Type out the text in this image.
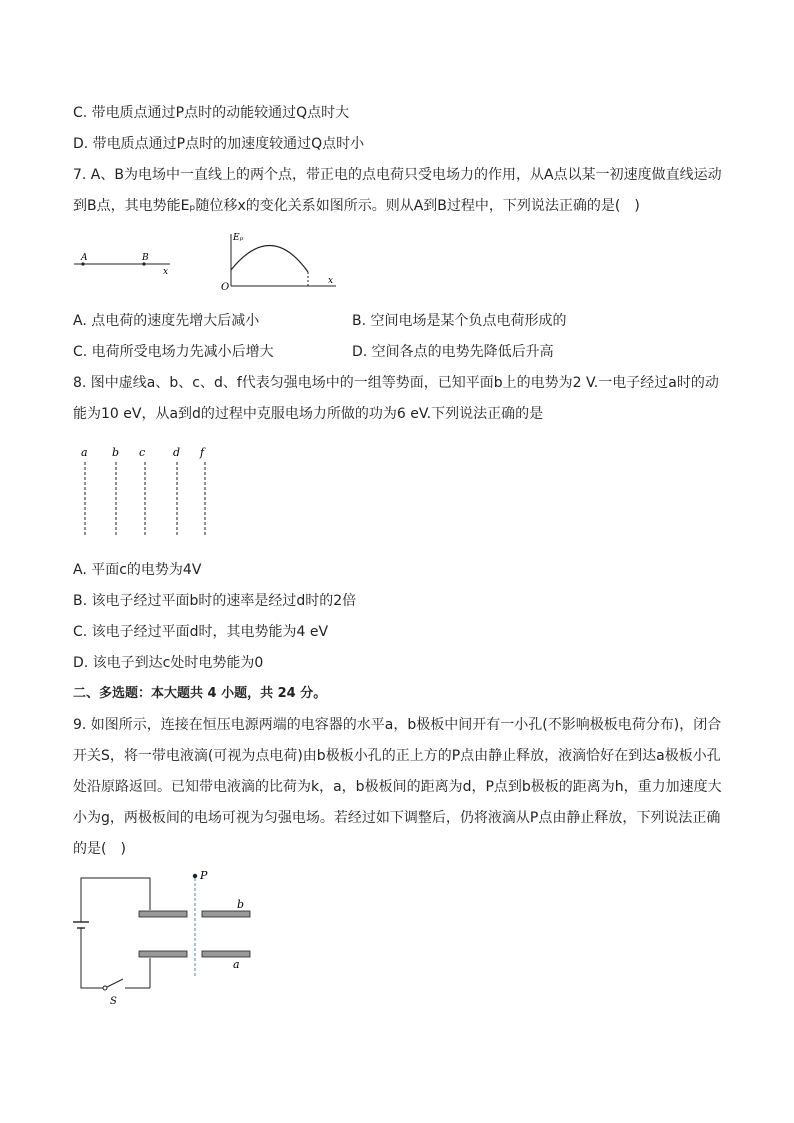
C. 带电质点通过P点时的动能较通过Q点时大
D. 带电质点通过P点时的加速度较通过Q点时小
7. A、B为电场中一直线上的两个点，带正电的点电荷只受电场力的作用，从A点以某一初速度做直线运动
到B点，其电势能Eₚ随位移x的变化关系如图所示。则从A到B过程中，下列说法正确的是(　)
A	B
x
Eₚ
O
x
A. 点电荷的速度先增大后减小	B. 空间电场是某个负点电荷形成的
C. 电荷所受电场力先减小后增大	D. 空间各点的电势先降低后升高
8. 图中虚线a、b、c、d、f代表匀强电场中的一组等势面，已知平面b上的电势为2 V.一电子经过a时的动
能为10 eV，从a到d的过程中克服电场力所做的功为6 eV.下列说法正确的是
a b c	d f
A. 平面c的电势为4V
B. 该电子经过平面b时的速率是经过d时的2倍
C. 该电子经过平面d时，其电势能为4 eV
D. 该电子到达c处时电势能为0
二、多选题：本大题共 4 小题，共 24 分。
9. 如图所示，连接在恒压电源两端的电容器的水平a，b极板中间开有一小孔(不影响极板电荷分布)，闭合
开关S，将一带电液滴(可视为点电荷)由b极板小孔的正上方的P点由静止释放，液滴恰好在到达a极板小孔
处沿原路返回。已知带电液滴的比荷为k，a，b极板间的距离为d，P点到b极板的距离为h，重力加速度大
小为g，两极板间的电场可视为匀强电场。若经过如下调整后，仍将液滴从P点由静止释放，下列说法正确
的是(　)
S
P
b
a
